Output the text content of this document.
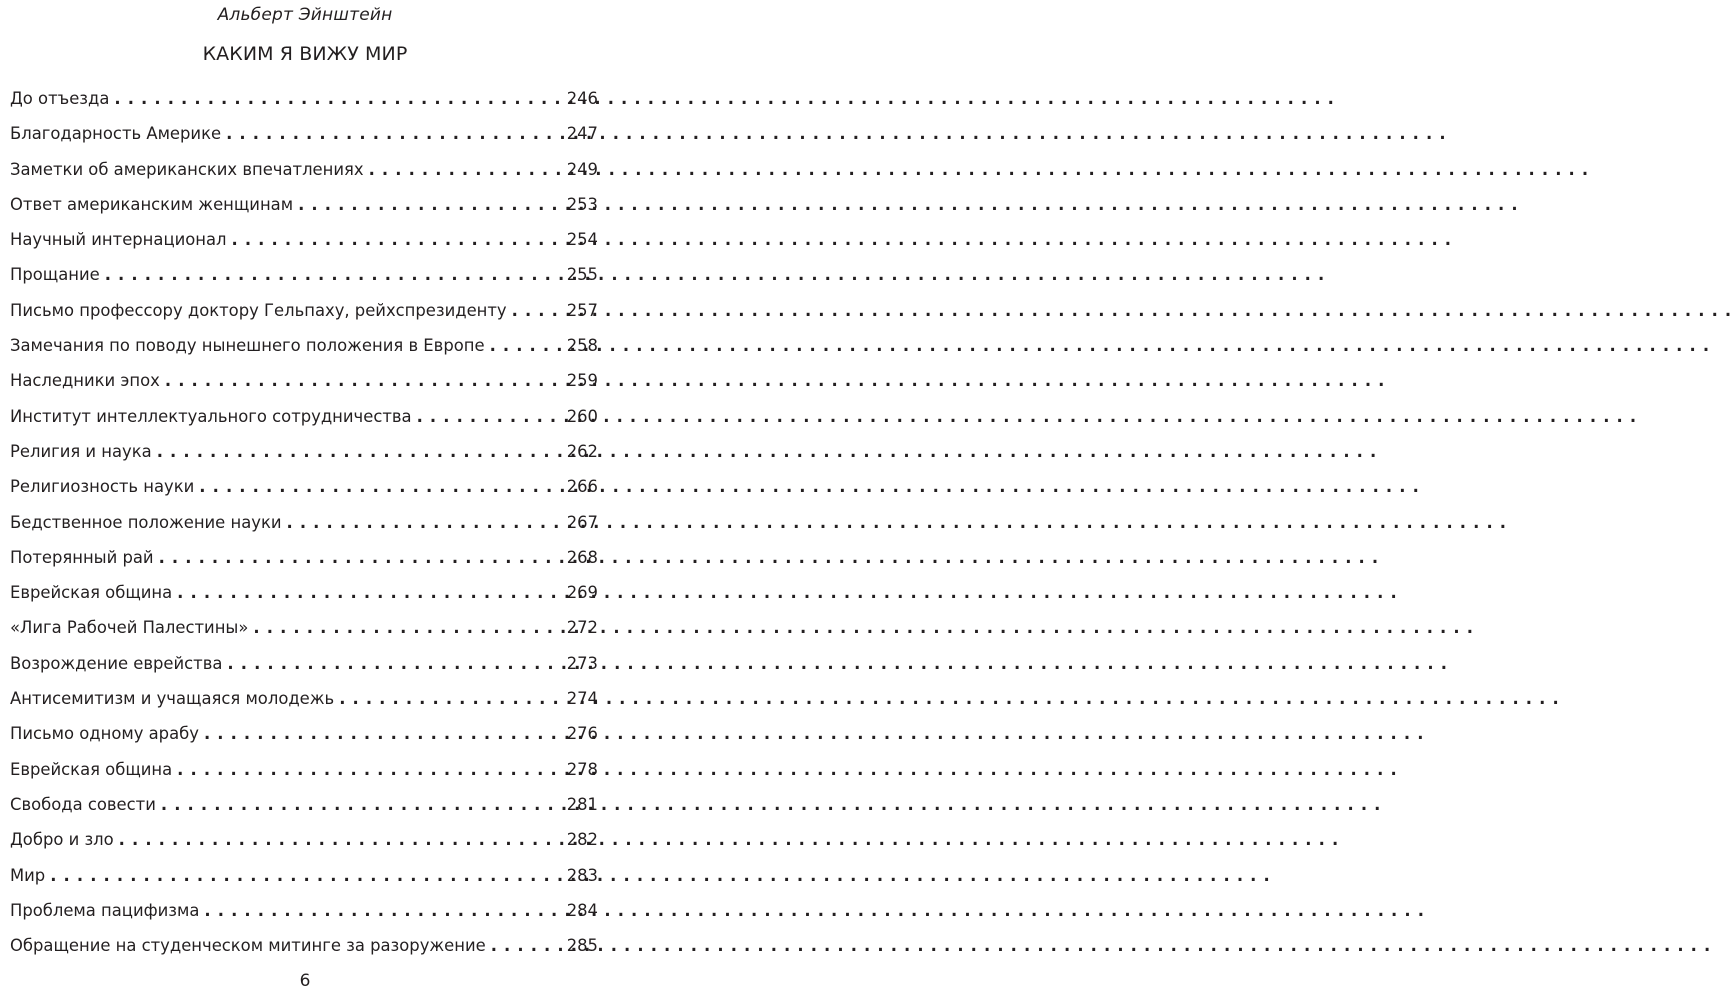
Альберт Эйнштейн
КАКИМ Я ВИЖУ МИР
До отъезда . . .	246
Благодарность Америке . . .	247
Заметки об американских впечатлениях . . .	249
Ответ американским женщинам . . .	253
Научный интернационал . . .	254
Прощание . . .	255
Письмо профессору доктору Гельпаху, рейхспрезиденту . . .	257
Замечания по поводу нынешнего положения в Европе . . .	258
Наследники эпох . . .	259
Институт интеллектуального сотрудничества . . .	260
Религия и наука . . .	262
Религиозность науки . . .	266
Бедственное положение науки . . .	267
Потерянный рай . . .	268
Еврейская община . . .	269
«Лига Рабочей Палестины» . . .	272
Возрождение еврейства . . .	273
Антисемитизм и учащаяся молодежь . . .	274
Письмо одному арабу . . .	276
Еврейская община . . .	278
Свобода совести . . .	281
Добро и зло . . .	282
Мир . . .	283
Проблема пацифизма . . .	284
Обращение на студенческом митинге за разоружение . . .	285
6
